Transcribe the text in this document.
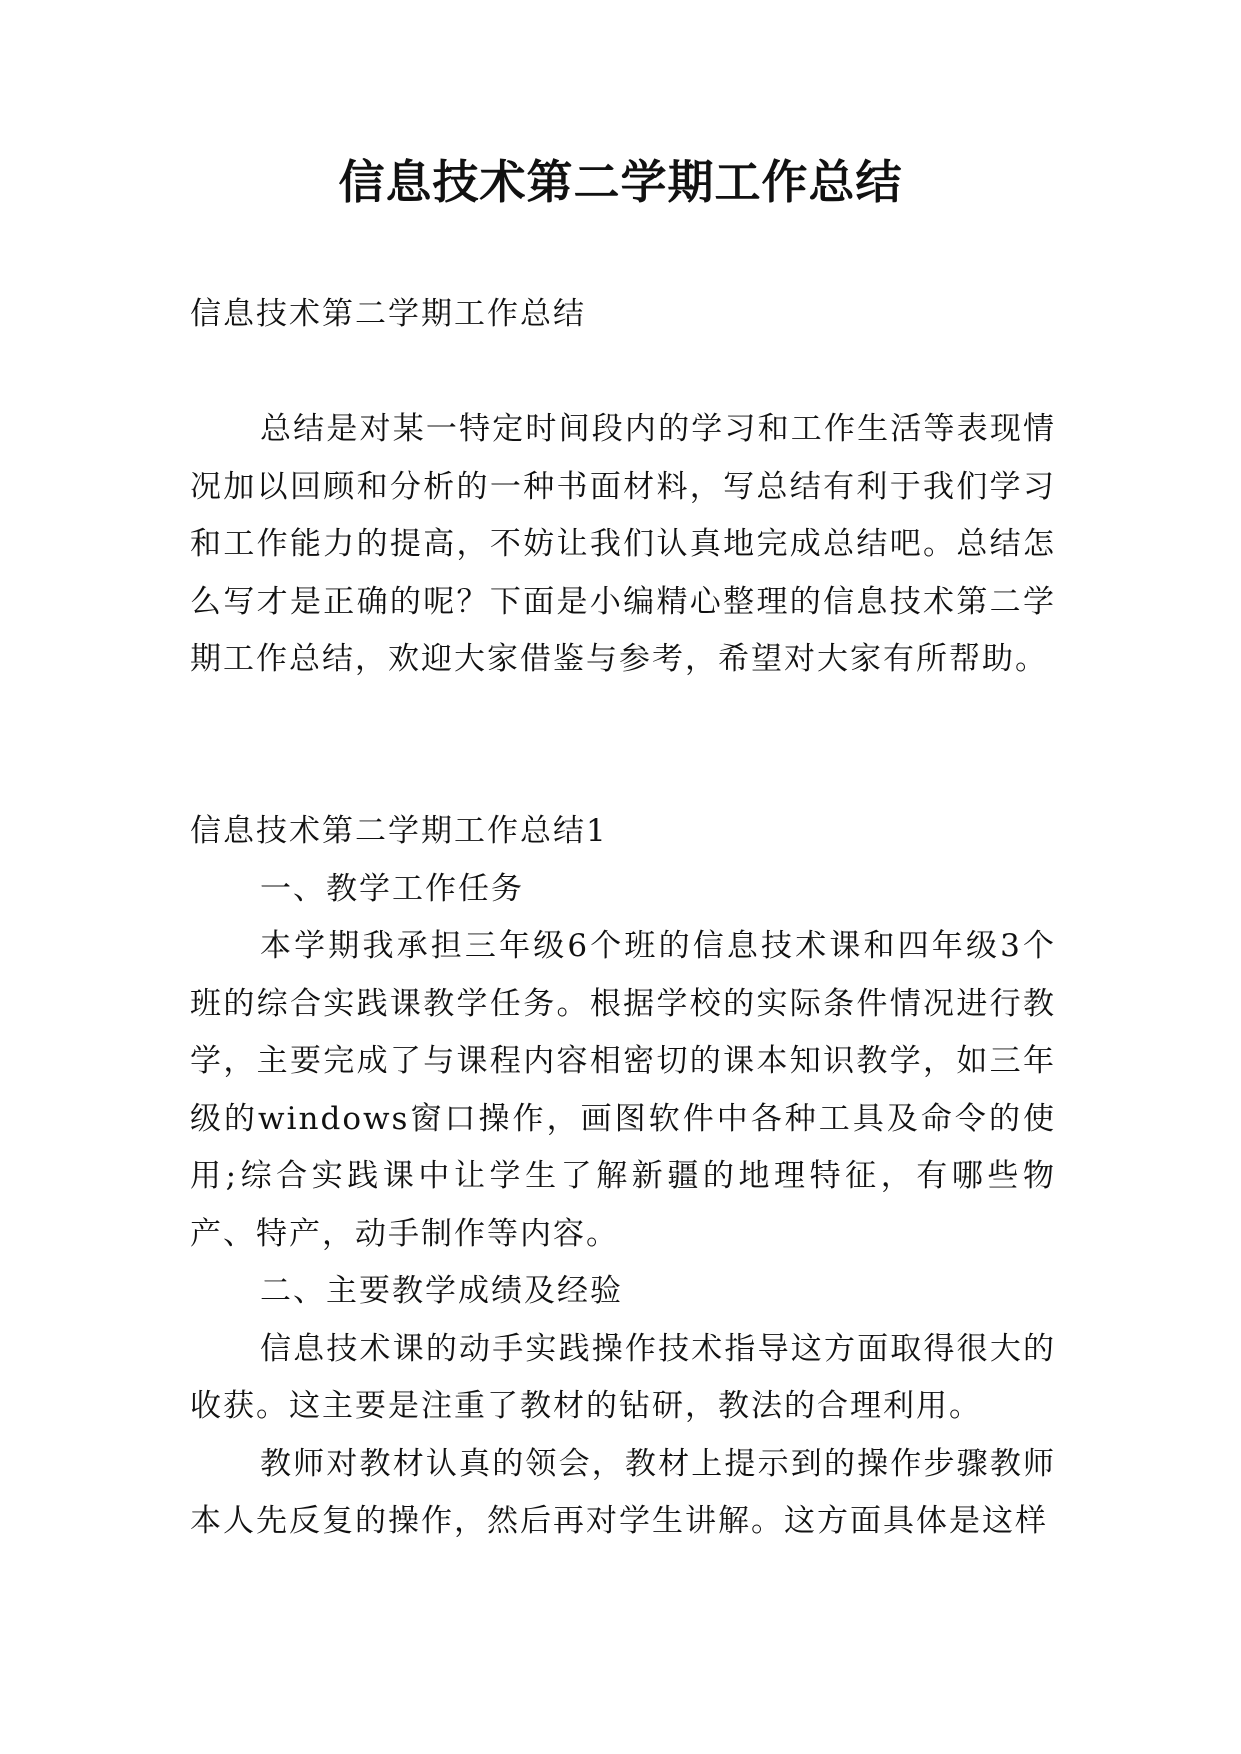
信息技术第二学期工作总结
信息技术第二学期工作总结
总结是对某一特定时间段内的学习和工作生活等表现情况加以回顾和分析的一种书面材料，写总结有利于我们学习和工作能力的提高，不妨让我们认真地完成总结吧。总结怎么写才是正确的呢？下面是小编精心整理的信息技术第二学期工作总结，欢迎大家借鉴与参考，希望对大家有所帮助。

信息技术第二学期工作总结1

一、教学工作任务

本学期我承担三年级6个班的信息技术课和四年级3个班的综合实践课教学任务。根据学校的实际条件情况进行教学，主要完成了与课程内容相密切的课本知识教学，如三年级的windows窗口操作，画图软件中各种工具及命令的使用;综合实践课中让学生了解新疆的地理特征，有哪些物产、特产，动手制作等内容。

二、主要教学成绩及经验

信息技术课的动手实践操作技术指导这方面取得很大的收获。这主要是注重了教材的钻研，教法的合理利用。

教师对教材认真的领会，教材上提示到的操作步骤教师本人先反复的操作，然后再对学生讲解。这方面具体是这样
